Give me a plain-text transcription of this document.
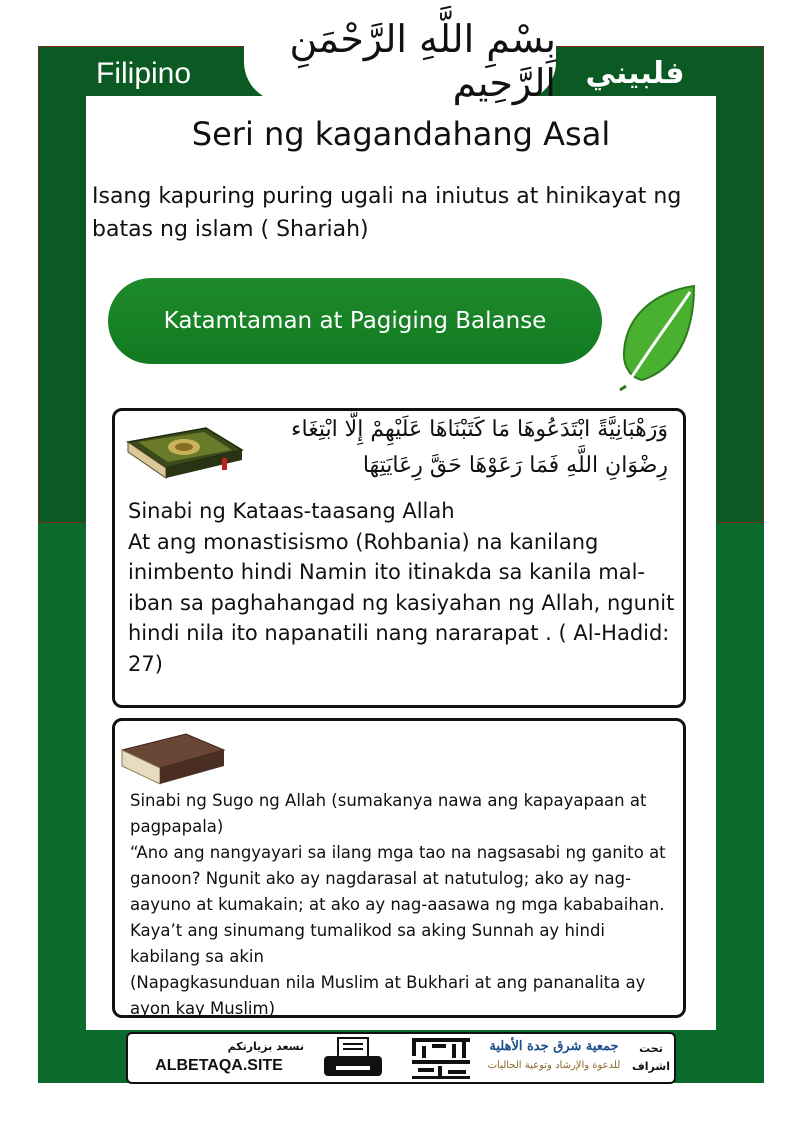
Filipino
بِسْمِ اللَّهِ الرَّحْمَنِ الرَّحِيم فلبيني
Seri ng kagandahang Asal
Isang kapuring puring ugali na iniutus at hinikayat ng batas ng islam ( Shariah)
Katamtaman at Pagiging Balanse
وَرَهْبَانِيَّةً ابْتَدَعُوهَا مَا كَتَبْنَاهَا عَلَيْهِمْ إِلَّا ابْتِغَاء رِضْوَانِ اللَّهِ فَمَا رَعَوْهَا حَقَّ رِعَايَتِهَا
Sinabi ng Kataas-taasang Allah
At ang monastisismo (Rohbania) na kanilang inimbento hindi Namin ito itinakda sa kanila mal-iban sa paghahangad ng kasiyahan ng Allah, ngunit hindi nila ito napanatili nang nararapat . ( Al-Hadid: 27)
Sinabi ng Sugo ng Allah (sumakanya nawa ang kapayapaan at pagpapala)
“Ano ang nangyayari sa ilang mga tao na nagsasabi ng ganito at ganoon? Ngunit ako ay nagdarasal at natutulog; ako ay nag-aayuno at kumakain; at ako ay nag-aasawa ng mga kababaihan. Kaya’t ang sinumang tumalikod sa aking Sunnah ay hindi kabilang sa akin
(Napagkasunduan nila Muslim at Bukhari at ang pananalita ay ayon kay Muslim)
نسعد بزيارتكم
ALBETAQA.SITE
جمعية شرق جدة الأهلية
للدعوة والإرشاد وتوعية الجاليات
تحت
اشراف
